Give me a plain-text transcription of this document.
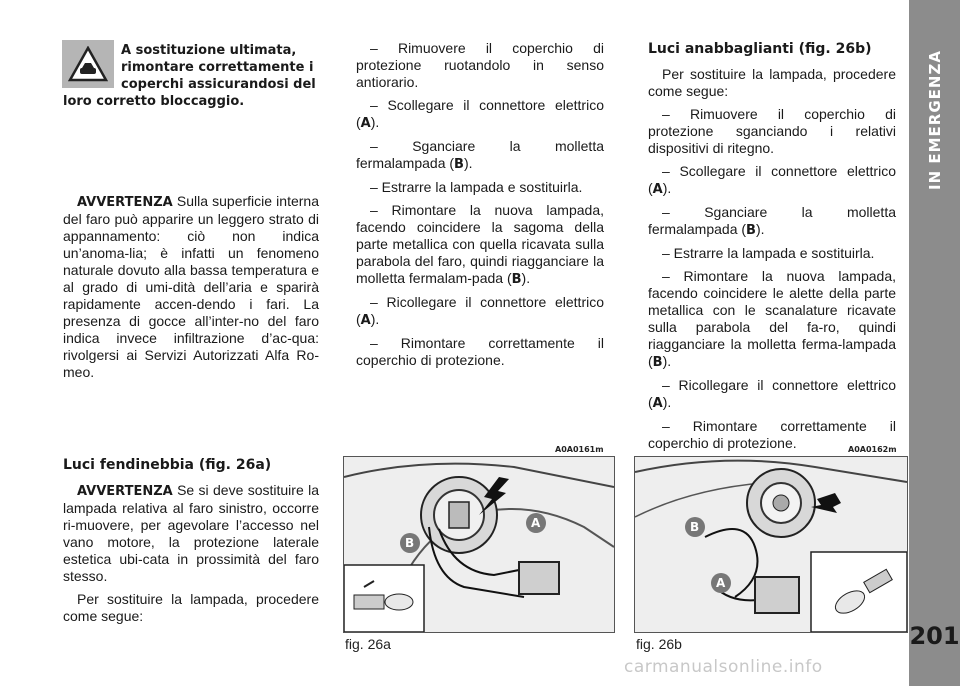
IN EMERGENZA
201
A sostituzione ultimata,
rimontare correttamente i
coperchi assicurandosi del
loro corretto bloccaggio.

AVVERTENZA Sulla superficie interna del faro può apparire un leggero strato di appannamento: ciò non indica un’anoma-lia; è infatti un fenomeno naturale dovuto alla bassa temperatura e al grado di umi-dità dell’aria e sparirà rapidamente accen-dendo i fari. La presenza di gocce all’inter-no del faro indica invece infiltrazione d’ac-qua: rivolgersi ai Servizi Autorizzati Alfa Ro-meo.

– Rimuovere il coperchio di protezione ruotandolo in senso antiorario.

– Scollegare il connettore elettrico (A).

– Sganciare la molletta fermalampada (B).

– Estrarre la lampada e sostituirla.

– Rimontare la nuova lampada, facendo coincidere la sagoma della parte metallica con quella ricavata sulla parabola del faro, quindi riagganciare la molletta fermalam-pada (B).

– Ricollegare il connettore elettrico (A).

– Rimontare correttamente il coperchio di protezione.

Luci anabbaglianti (fig. 26b)

Per sostituire la lampada, procedere come segue:

– Rimuovere il coperchio di protezione sganciando i relativi dispositivi di ritegno.

– Scollegare il connettore elettrico (A).

– Sganciare la molletta fermalampada (B).

– Estrarre la lampada e sostituirla.

– Rimontare la nuova lampada, facendo coincidere le alette della parte metallica con le scanalature ricavate sulla parabola del fa-ro, quindi riagganciare la molletta ferma-lampada (B).

– Ricollegare il connettore elettrico (A).

– Rimontare correttamente il coperchio di protezione.

Luci fendinebbia (fig. 26a)

AVVERTENZA Se si deve sostituire la lampada relativa al faro sinistro, occorre ri-muovere, per agevolare l’accesso nel vano motore, la protezione laterale estetica ubi-cata in prossimità del faro stesso.

Per sostituire la lampada, procedere come segue:

A0A0161m	A0A0162m
A
B
B
A
fig. 26a	fig. 26b
carmanualsonline.info
